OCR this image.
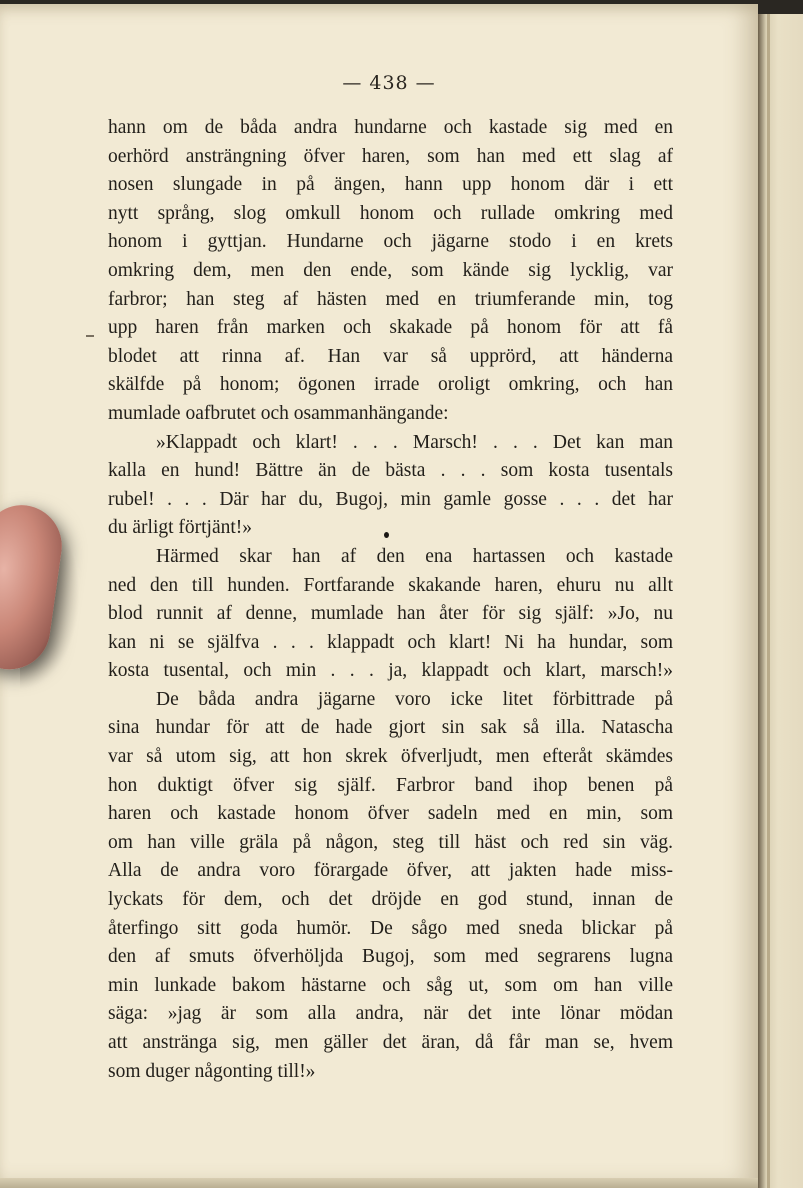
— 438 —
hann om de båda andra hundarne och kastade sig med en
oerhörd ansträngning öfver haren, som han med ett slag af
nosen slungade in på ängen, hann upp honom där i ett
nytt språng, slog omkull honom och rullade omkring med
honom i gyttjan. Hundarne och jägarne stodo i en krets
omkring dem, men den ende, som kände sig lycklig, var
farbror; han steg af hästen med en triumferande min, tog
upp haren från marken och skakade på honom för att få
blodet att rinna af. Han var så upprörd, att händerna
skälfde på honom; ögonen irrade oroligt omkring, och han
mumlade oafbrutet och osammanhängande:
»Klappadt och klart! . . . Marsch! . . . Det kan man
kalla en hund! Bättre än de bästa . . . som kosta tusentals
rubel! . . . Där har du, Bugoj, min gamle gosse . . . det har
du ärligt förtjänt!»
Härmed skar han af den ena hartassen och kastade
ned den till hunden. Fortfarande skakande haren, ehuru nu allt
blod runnit af denne, mumlade han åter för sig själf: »Jo, nu
kan ni se själfva . . . klappadt och klart! Ni ha hundar, som
kosta tusental, och min . . . ja, klappadt och klart, marsch!»
De båda andra jägarne voro icke litet förbittrade på
sina hundar för att de hade gjort sin sak så illa. Natascha
var så utom sig, att hon skrek öfverljudt, men efteråt skämdes
hon duktigt öfver sig själf. Farbror band ihop benen på
haren och kastade honom öfver sadeln med en min, som
om han ville gräla på någon, steg till häst och red sin väg.
Alla de andra voro förargade öfver, att jakten hade miss-
lyckats för dem, och det dröjde en god stund, innan de
återfingo sitt goda humör. De sågo med sneda blickar på
den af smuts öfverhöljda Bugoj, som med segrarens lugna
min lunkade bakom hästarne och såg ut, som om han ville
säga: »jag är som alla andra, när det inte lönar mödan
att anstränga sig, men gäller det äran, då får man se, hvem
som duger någonting till!»
